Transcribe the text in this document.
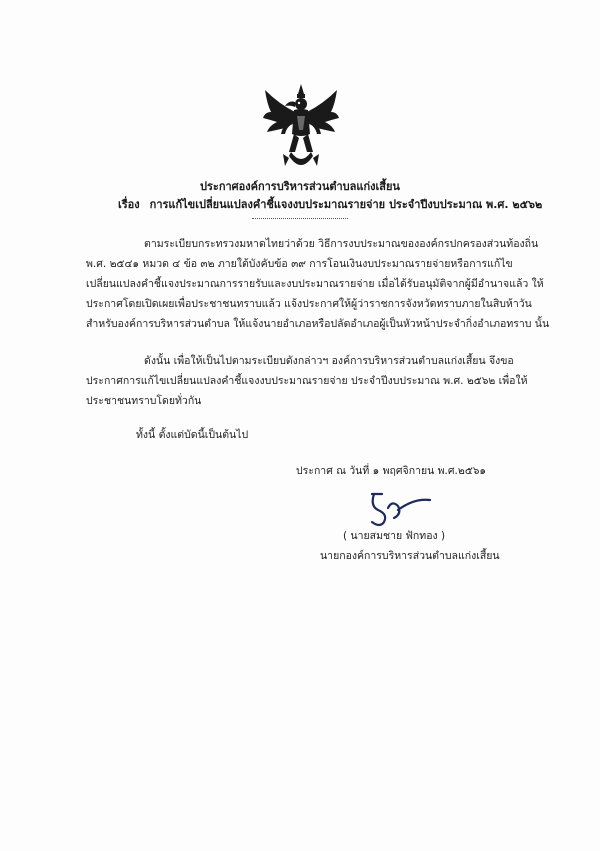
ประกาศองค์การบริหารส่วนตำบลแก่งเสี้ยน
เรื่อง การแก้ไขเปลี่ยนแปลงคำชี้แจงงบประมาณรายจ่าย ประจำปีงบประมาณ พ.ศ. ๒๕๖๒
ตามระเบียบกระทรวงมหาดไทยว่าด้วย วิธีการงบประมาณขององค์กรปกครองส่วนท้องถิ่น
พ.ศ. ๒๕๔๑ หมวด ๔ ข้อ ๓๒ ภายใต้บังคับข้อ ๓๙ การโอนเงินงบประมาณรายจ่ายหรือการแก้ไข
เปลี่ยนแปลงคำชี้แจงประมาณการรายรับและงบประมาณรายจ่าย เมื่อได้รับอนุมัติจากผู้มีอำนาจแล้ว ให้
ประกาศโดยเปิดเผยเพื่อประชาชนทราบแล้ว แจ้งประกาศให้ผู้ว่าราชการจังหวัดทราบภายในสิบห้าวัน
สำหรับองค์การบริหารส่วนตำบล ให้แจ้งนายอำเภอหรือปลัดอำเภอผู้เป็นหัวหน้าประจำกิ่งอำเภอทราบ นั้น
ดังนั้น เพื่อให้เป็นไปตามระเบียบดังกล่าวฯ องค์การบริหารส่วนตำบลแก่งเสี้ยน จึงขอ
ประกาศการแก้ไขเปลี่ยนแปลงคำชี้แจงงบประมาณรายจ่าย ประจำปีงบประมาณ พ.ศ. ๒๕๖๒ เพื่อให้
ประชาชนทราบโดยทั่วกัน
ทั้งนี้ ตั้งแต่บัดนี้เป็นต้นไป
ประกาศ ณ วันที่ ๑ พฤศจิกายน พ.ศ.๒๕๖๑
( นายสมชาย ฟักทอง )
นายกองค์การบริหารส่วนตำบลแก่งเสี้ยน
